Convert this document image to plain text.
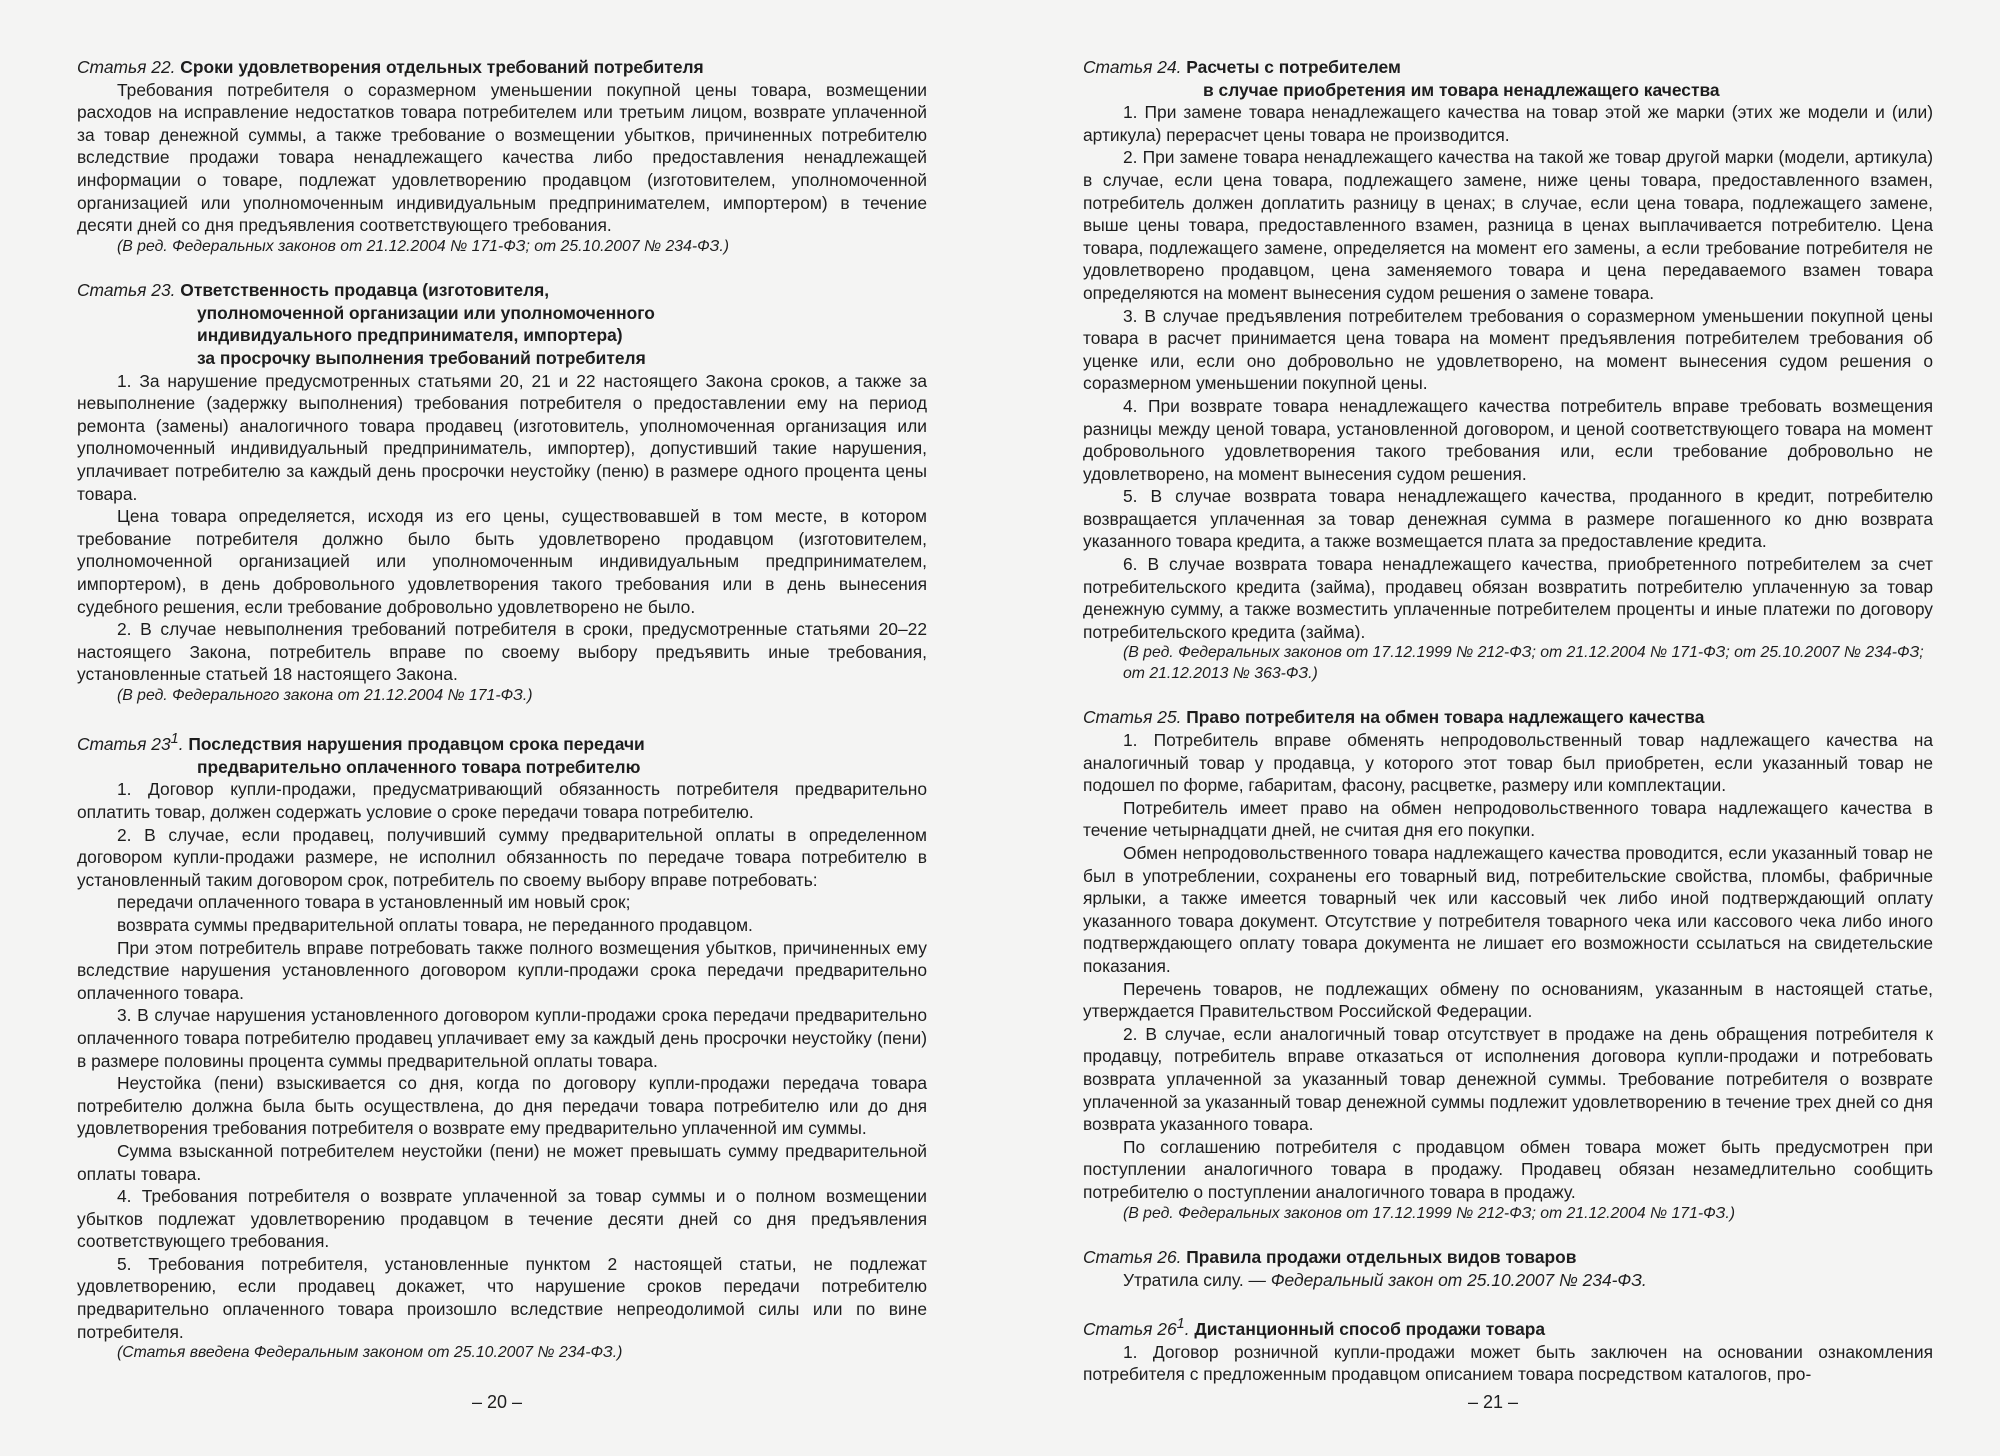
Статья 22. Сроки удовлетворения отдельных требований потребителя

Требования потребителя о соразмерном уменьшении покупной цены товара, возмещении расходов на исправление недостатков товара потребителем или третьим лицом, возврате уплаченной за товар денежной суммы, а также требование о возмещении убытков, причиненных потребителю вследствие продажи товара ненадлежащего качества либо предоставления ненадлежащей информации о товаре, подлежат удовлетворению продавцом (изготовителем, уполномоченной организацией или уполномоченным индивидуальным предпринимателем, импортером) в течение десяти дней со дня предъявления соответствующего требования.

(В ред. Федеральных законов от 21.12.2004 № 171-ФЗ; от 25.10.2007 № 234-ФЗ.)

Статья 23. Ответственность продавца (изготовителя,
уполномоченной организации или уполномоченного
индивидуального предпринимателя, импортера)
за просрочку выполнения требований потребителя

1. За нарушение предусмотренных статьями 20, 21 и 22 настоящего Закона сроков, а также за невыполнение (задержку выполнения) требования потребителя о предоставлении ему на период ремонта (замены) аналогичного товара продавец (изготовитель, уполномоченная организация или уполномоченный индивидуальный предприниматель, импортер), допустивший такие нарушения, уплачивает потребителю за каждый день просрочки неустойку (пеню) в размере одного процента цены товара.

Цена товара определяется, исходя из его цены, существовавшей в том месте, в котором требование потребителя должно было быть удовлетворено продавцом (изготовителем, уполномоченной организацией или уполномоченным индивидуальным предпринимателем, импортером), в день добровольного удовлетворения такого требования или в день вынесения судебного решения, если требование добровольно удовлетворено не было.

2. В случае невыполнения требований потребителя в сроки, предусмотренные статьями 20–22 настоящего Закона, потребитель вправе по своему выбору предъявить иные требования, установленные статьей 18 настоящего Закона.

(В ред. Федерального закона от 21.12.2004 № 171-ФЗ.)

Статья $23^1$. Последствия нарушения продавцом срока передачи
предварительно оплаченного товара потребителю

1. Договор купли-продажи, предусматривающий обязанность потребителя предварительно оплатить товар, должен содержать условие о сроке передачи товара потребителю.

2. В случае, если продавец, получивший сумму предварительной оплаты в определенном договором купли-продажи размере, не исполнил обязанность по передаче товара потребителю в установленный таким договором срок, потребитель по своему выбору вправе потребовать:

передачи оплаченного товара в установленный им новый срок;

возврата суммы предварительной оплаты товара, не переданного продавцом.

При этом потребитель вправе потребовать также полного возмещения убытков, причиненных ему вследствие нарушения установленного договором купли-продажи срока передачи предварительно оплаченного товара.

3. В случае нарушения установленного договором купли-продажи срока передачи предварительно оплаченного товара потребителю продавец уплачивает ему за каждый день просрочки неустойку (пени) в размере половины процента суммы предварительной оплаты товара.

Неустойка (пени) взыскивается со дня, когда по договору купли-продажи передача товара потребителю должна была быть осуществлена, до дня передачи товара потребителю или до дня удовлетворения требования потребителя о возврате ему предварительно уплаченной им суммы.

Сумма взысканной потребителем неустойки (пени) не может превышать сумму предварительной оплаты товара.

4. Требования потребителя о возврате уплаченной за товар суммы и о полном возмещении убытков подлежат удовлетворению продавцом в течение десяти дней со дня предъявления соответствующего требования.

5. Требования потребителя, установленные пунктом 2 настоящей статьи, не подлежат удовлетворению, если продавец докажет, что нарушение сроков передачи потребителю предварительно оплаченного товара произошло вследствие непреодолимой силы или по вине потребителя.

(Статья введена Федеральным законом от 25.10.2007 № 234-ФЗ.)

– 20 –
Статья 24. Расчеты с потребителем
в случае приобретения им товара ненадлежащего качества

1. При замене товара ненадлежащего качества на товар этой же марки (этих же модели и (или) артикула) перерасчет цены товара не производится.

2. При замене товара ненадлежащего качества на такой же товар другой марки (модели, артикула) в случае, если цена товара, подлежащего замене, ниже цены товара, предоставленного взамен, потребитель должен доплатить разницу в ценах; в случае, если цена товара, подлежащего замене, выше цены товара, предоставленного взамен, разница в ценах выплачивается потребителю. Цена товара, подлежащего замене, определяется на момент его замены, а если требование потребителя не удовлетворено продавцом, цена заменяемого товара и цена передаваемого взамен товара определяются на момент вынесения судом решения о замене товара.

3. В случае предъявления потребителем требования о соразмерном уменьшении покупной цены товара в расчет принимается цена товара на момент предъявления потребителем требования об уценке или, если оно добровольно не удовлетворено, на момент вынесения судом решения о соразмерном уменьшении покупной цены.

4. При возврате товара ненадлежащего качества потребитель вправе требовать возмещения разницы между ценой товара, установленной договором, и ценой соответствующего товара на момент добровольного удовлетворения такого требования или, если требование добровольно не удовлетворено, на момент вынесения судом решения.

5. В случае возврата товара ненадлежащего качества, проданного в кредит, потребителю возвращается уплаченная за товар денежная сумма в размере погашенного ко дню возврата указанного товара кредита, а также возмещается плата за предоставление кредита.

6. В случае возврата товара ненадлежащего качества, приобретенного потребителем за счет потребительского кредита (займа), продавец обязан возвратить потребителю уплаченную за товар денежную сумму, а также возместить уплаченные потребителем проценты и иные платежи по договору потребительского кредита (займа).

(В ред. Федеральных законов от 17.12.1999 № 212-ФЗ; от 21.12.2004 № 171-ФЗ; от 25.10.2007 № 234-ФЗ; от 21.12.2013 № 363-ФЗ.)

Статья 25. Право потребителя на обмен товара надлежащего качества

1. Потребитель вправе обменять непродовольственный товар надлежащего качества на аналогичный товар у продавца, у которого этот товар был приобретен, если указанный товар не подошел по форме, габаритам, фасону, расцветке, размеру или комплектации.

Потребитель имеет право на обмен непродовольственного товара надлежащего качества в течение четырнадцати дней, не считая дня его покупки.

Обмен непродовольственного товара надлежащего качества проводится, если указанный товар не был в употреблении, сохранены его товарный вид, потребительские свойства, пломбы, фабричные ярлыки, а также имеется товарный чек или кассовый чек либо иной подтверждающий оплату указанного товара документ. Отсутствие у потребителя товарного чека или кассового чека либо иного подтверждающего оплату товара документа не лишает его возможности ссылаться на свидетельские показания.

Перечень товаров, не подлежащих обмену по основаниям, указанным в настоящей статье, утверждается Правительством Российской Федерации.

2. В случае, если аналогичный товар отсутствует в продаже на день обращения потребителя к продавцу, потребитель вправе отказаться от исполнения договора купли-продажи и потребовать возврата уплаченной за указанный товар денежной суммы. Требование потребителя о возврате уплаченной за указанный товар денежной суммы подлежит удовлетворению в течение трех дней со дня возврата указанного товара.

По соглашению потребителя с продавцом обмен товара может быть предусмотрен при поступлении аналогичного товара в продажу. Продавец обязан незамедлительно сообщить потребителю о поступлении аналогичного товара в продажу.

(В ред. Федеральных законов от 17.12.1999 № 212-ФЗ; от 21.12.2004 № 171-ФЗ.)

Статья 26. Правила продажи отдельных видов товаров

Утратила силу. — Федеральный закон от 25.10.2007 № 234-ФЗ.

Статья $26^1$. Дистанционный способ продажи товара

1. Договор розничной купли-продажи может быть заключен на основании ознакомления потребителя с предложенным продавцом описанием товара посредством каталогов, про-

– 21 –
